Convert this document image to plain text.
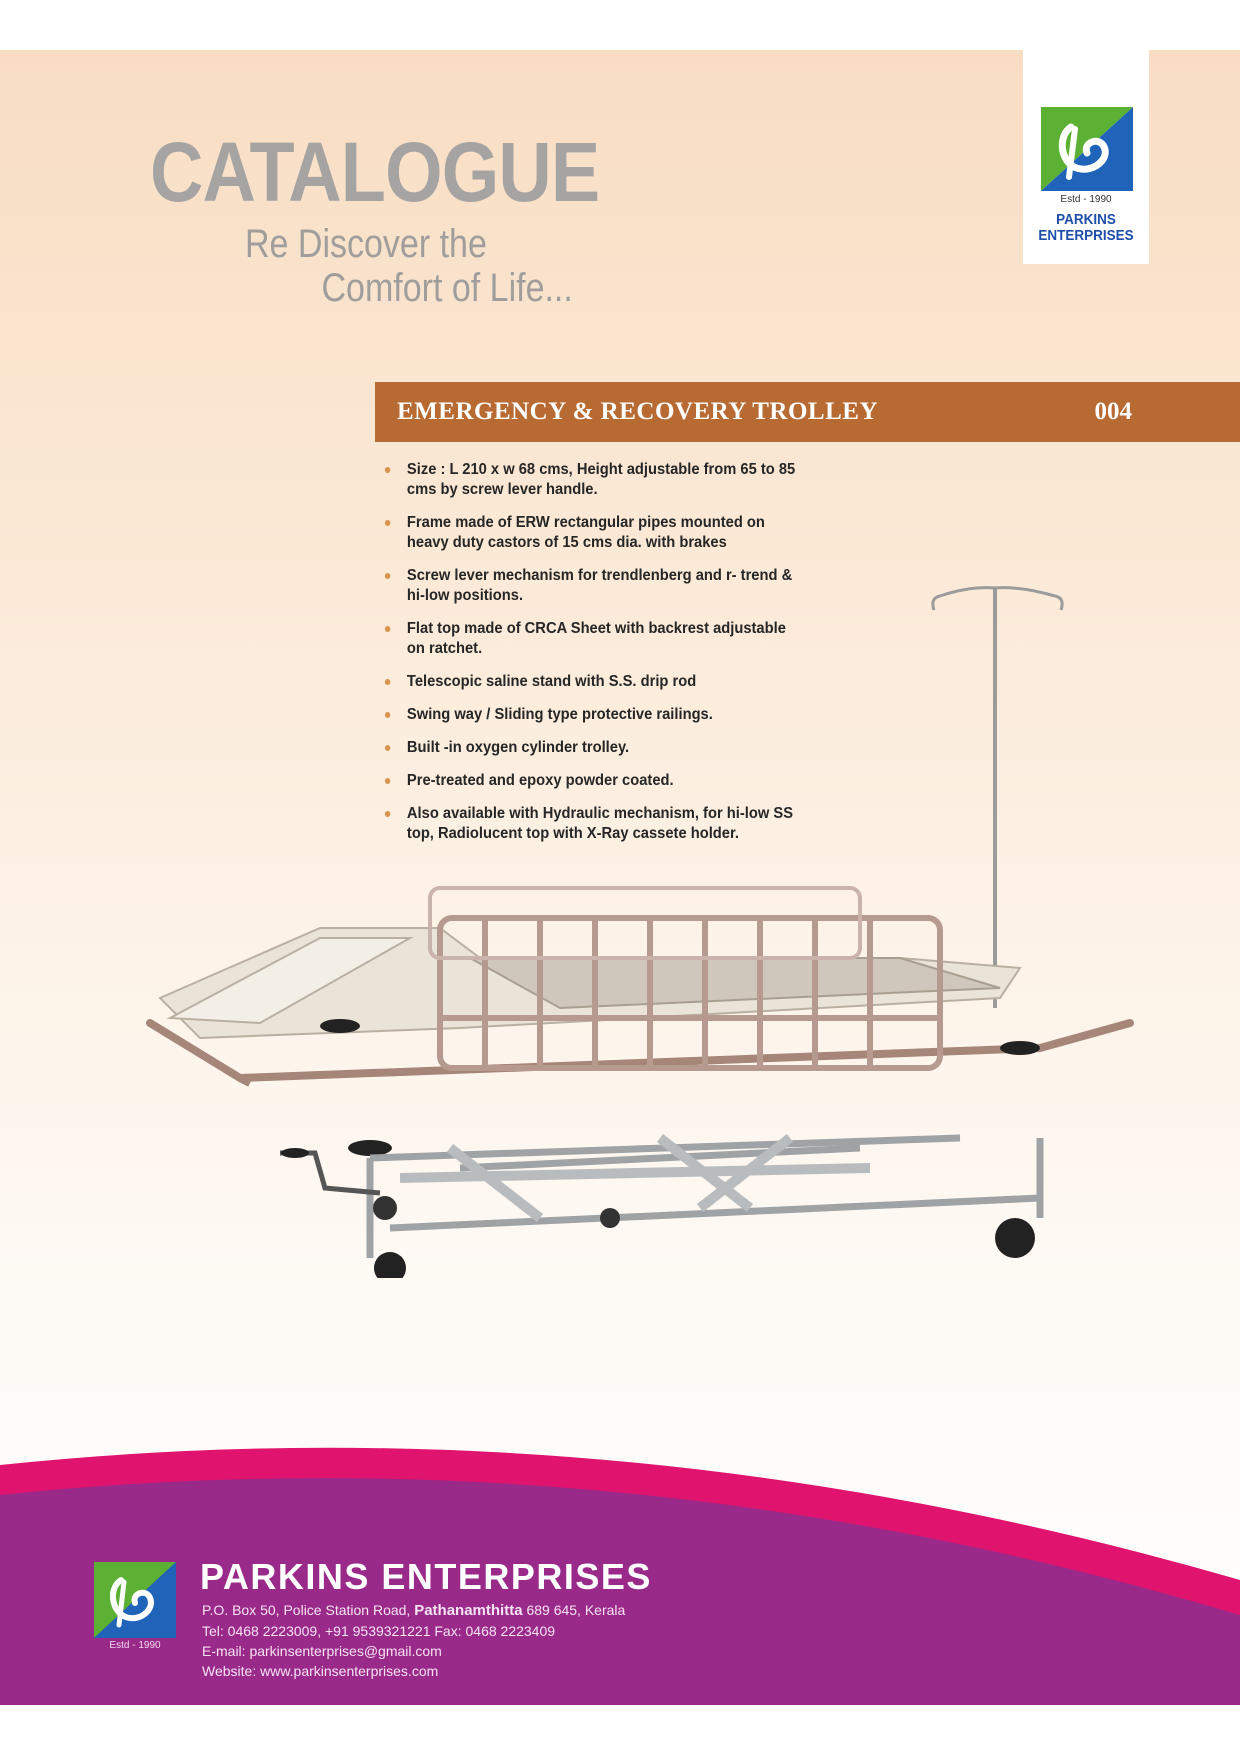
CATALOGUE
Re Discover the
Comfort of Life...
Estd - 1990
PARKINS
ENTERPRISES
EMERGENCY & RECOVERY TROLLEY	004
Size : L 210 x w 68 cms, Height adjustable from 65 to 85 cms by screw lever handle.
Frame made of ERW rectangular pipes mounted on heavy duty castors of 15 cms dia. with brakes
Screw lever mechanism for trendlenberg and r- trend & hi-low positions.
Flat top made of CRCA Sheet with backrest adjustable on ratchet.
Telescopic saline stand with S.S. drip rod
Swing way / Sliding type protective railings.
Built -in oxygen cylinder trolley.
Pre-treated and epoxy powder coated.
Also available with Hydraulic mechanism, for hi-low SS top, Radiolucent top with X-Ray cassete holder.
Estd - 1990
PARKINS ENTERPRISES
P.O. Box 50, Police Station Road, Pathanamthitta 689 645, Kerala
Tel: 0468 2223009, +91 9539321221 Fax: 0468 2223409
E-mail: parkinsenterprises@gmail.com
Website: www.parkinsenterprises.com
